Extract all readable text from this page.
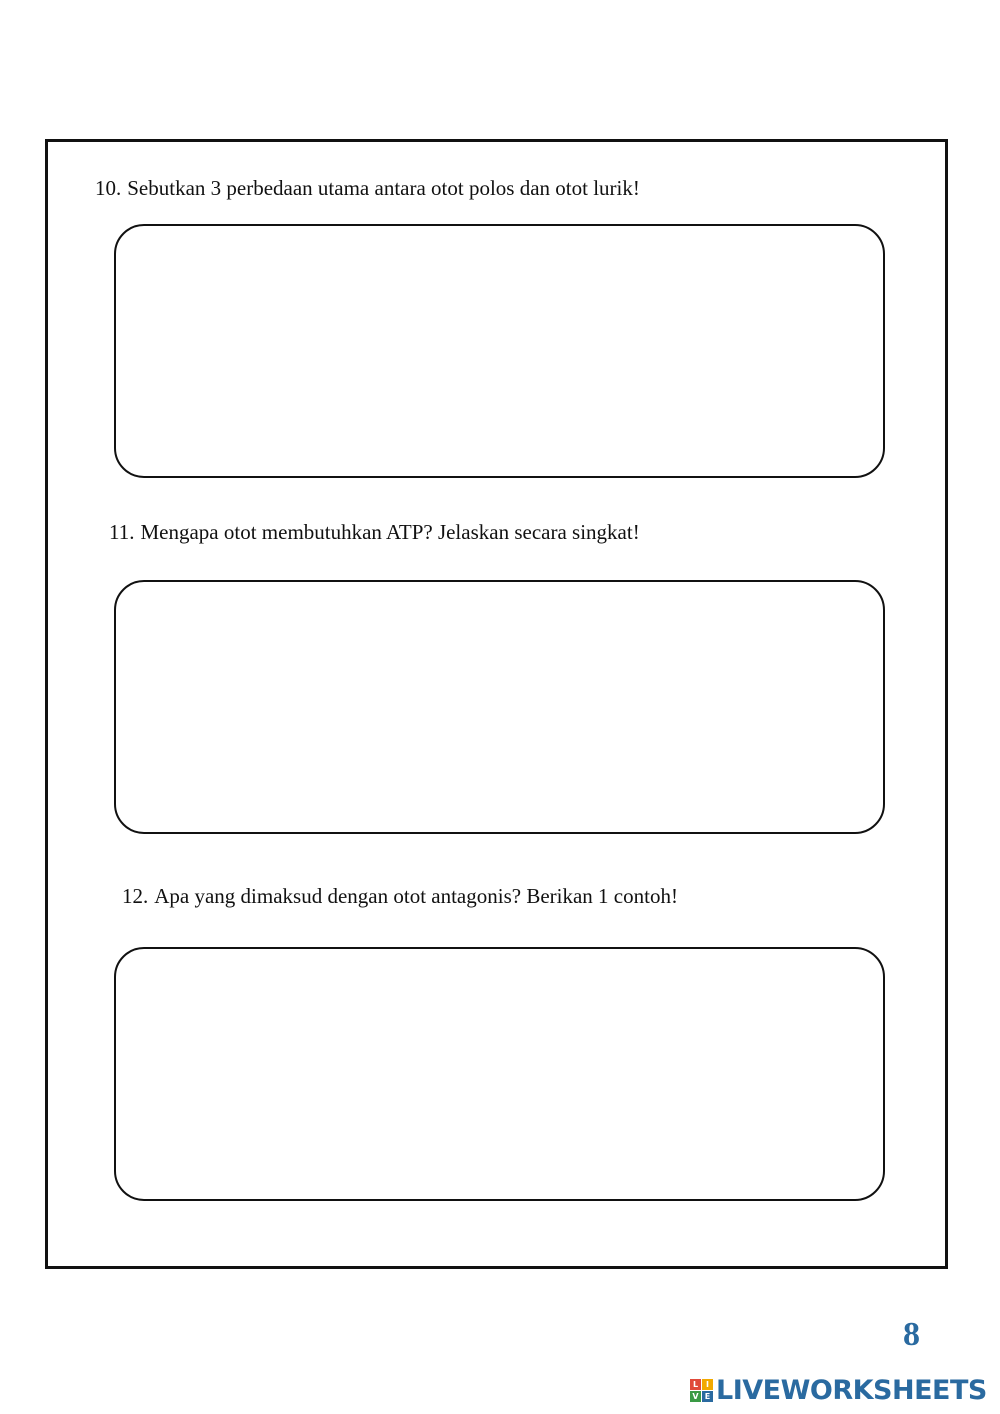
10. Sebutkan 3 perbedaan utama antara otot polos dan otot lurik!
11. Mengapa otot membutuhkan ATP? Jelaskan secara singkat!
12. Apa yang dimaksud dengan otot antagonis? Berikan 1 contoh!
8
L I
V E LIVEWORKSHEETS
